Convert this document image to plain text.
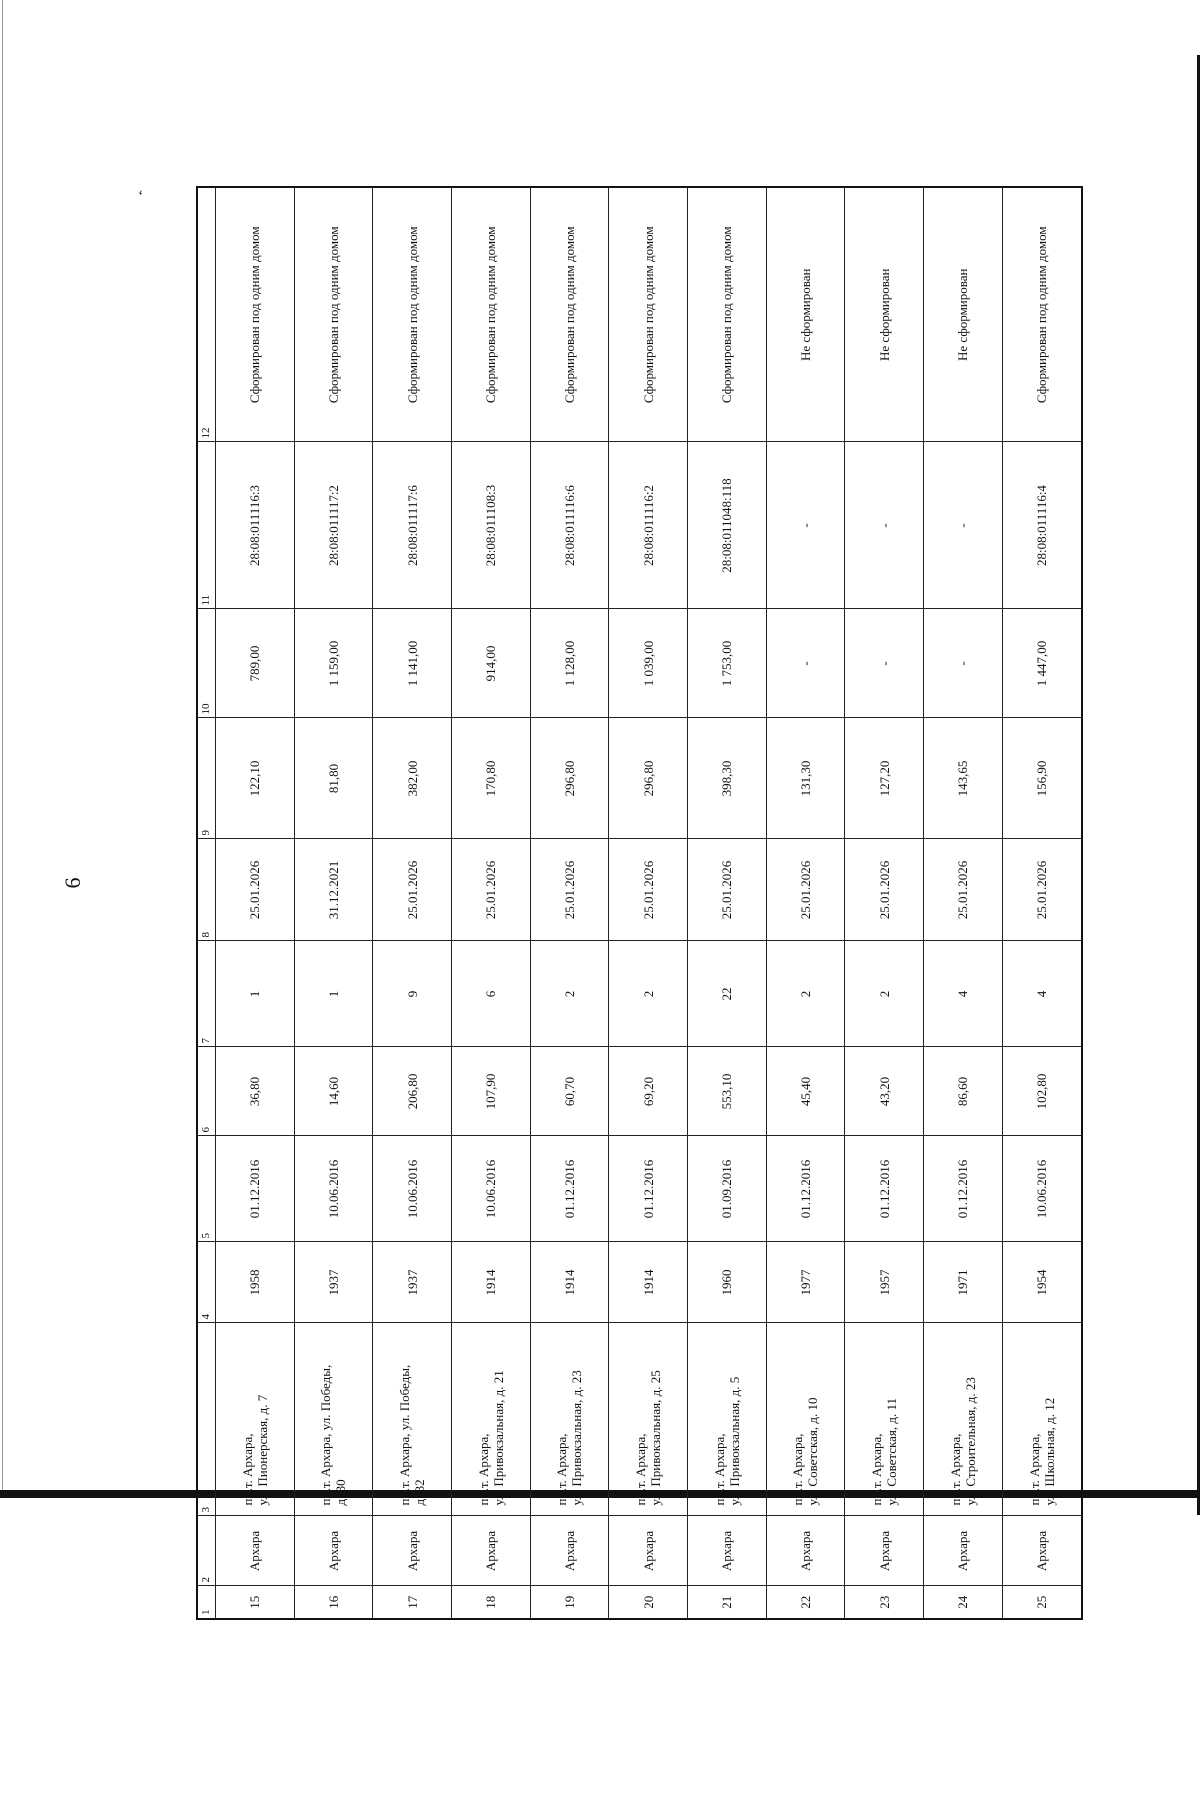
‘
6
1	2	3	4	5	6	7	8	9	10	11	12
15	Архара	п.г.т. Архара, ул. Пионерская, д. 7	1958	01.12.2016	36,80	1	25.01.2026	122,10	789,00	28:08:011116:3	Сформирован под одним домом
16	Архара	п.г.т. Архара, ул. Победы, д. 30	1937	10.06.2016	14,60	1	31.12.2021	81,80	1 159,00	28:08:011117:2	Сформирован под одним домом
17	Архара	п.г.т. Архара, ул. Победы, д. 32	1937	10.06.2016	206,80	9	25.01.2026	382,00	1 141,00	28:08:011117:6	Сформирован под одним домом
18	Архара	п.г.т. Архара, ул. Привокзальная, д. 21	1914	10.06.2016	107,90	6	25.01.2026	170,80	914,00	28:08:011108:3	Сформирован под одним домом
19	Архара	п.г.т. Архара, ул. Привокзальная, д. 23	1914	01.12.2016	60,70	2	25.01.2026	296,80	1 128,00	28:08:011116:6	Сформирован под одним домом
20	Архара	п.г.т. Архара, ул. Привокзальная, д. 25	1914	01.12.2016	69,20	2	25.01.2026	296,80	1 039,00	28:08:011116:2	Сформирован под одним домом
21	Архара	п.г.т. Архара, ул. Привокзальная, д. 5	1960	01.09.2016	553,10	22	25.01.2026	398,30	1 753,00	28:08:011048:118	Сформирован под одним домом
22	Архара	п.г.т. Архара, ул. Советская, д. 10	1977	01.12.2016	45,40	2	25.01.2026	131,30	-	-	Не сформирован
23	Архара	п.г.т. Архара, ул. Советская, д. 11	1957	01.12.2016	43,20	2	25.01.2026	127,20	-	-	Не сформирован
24	Архара	п.г.т. Архара, ул. Строительная, д. 23	1971	01.12.2016	86,60	4	25.01.2026	143,65	-	-	Не сформирован
25	Архара	п.г.т. Архара, ул. Школьная, д. 12	1954	10.06.2016	102,80	4	25.01.2026	156,90	1 447,00	28:08:011116:4	Сформирован под одним домом
